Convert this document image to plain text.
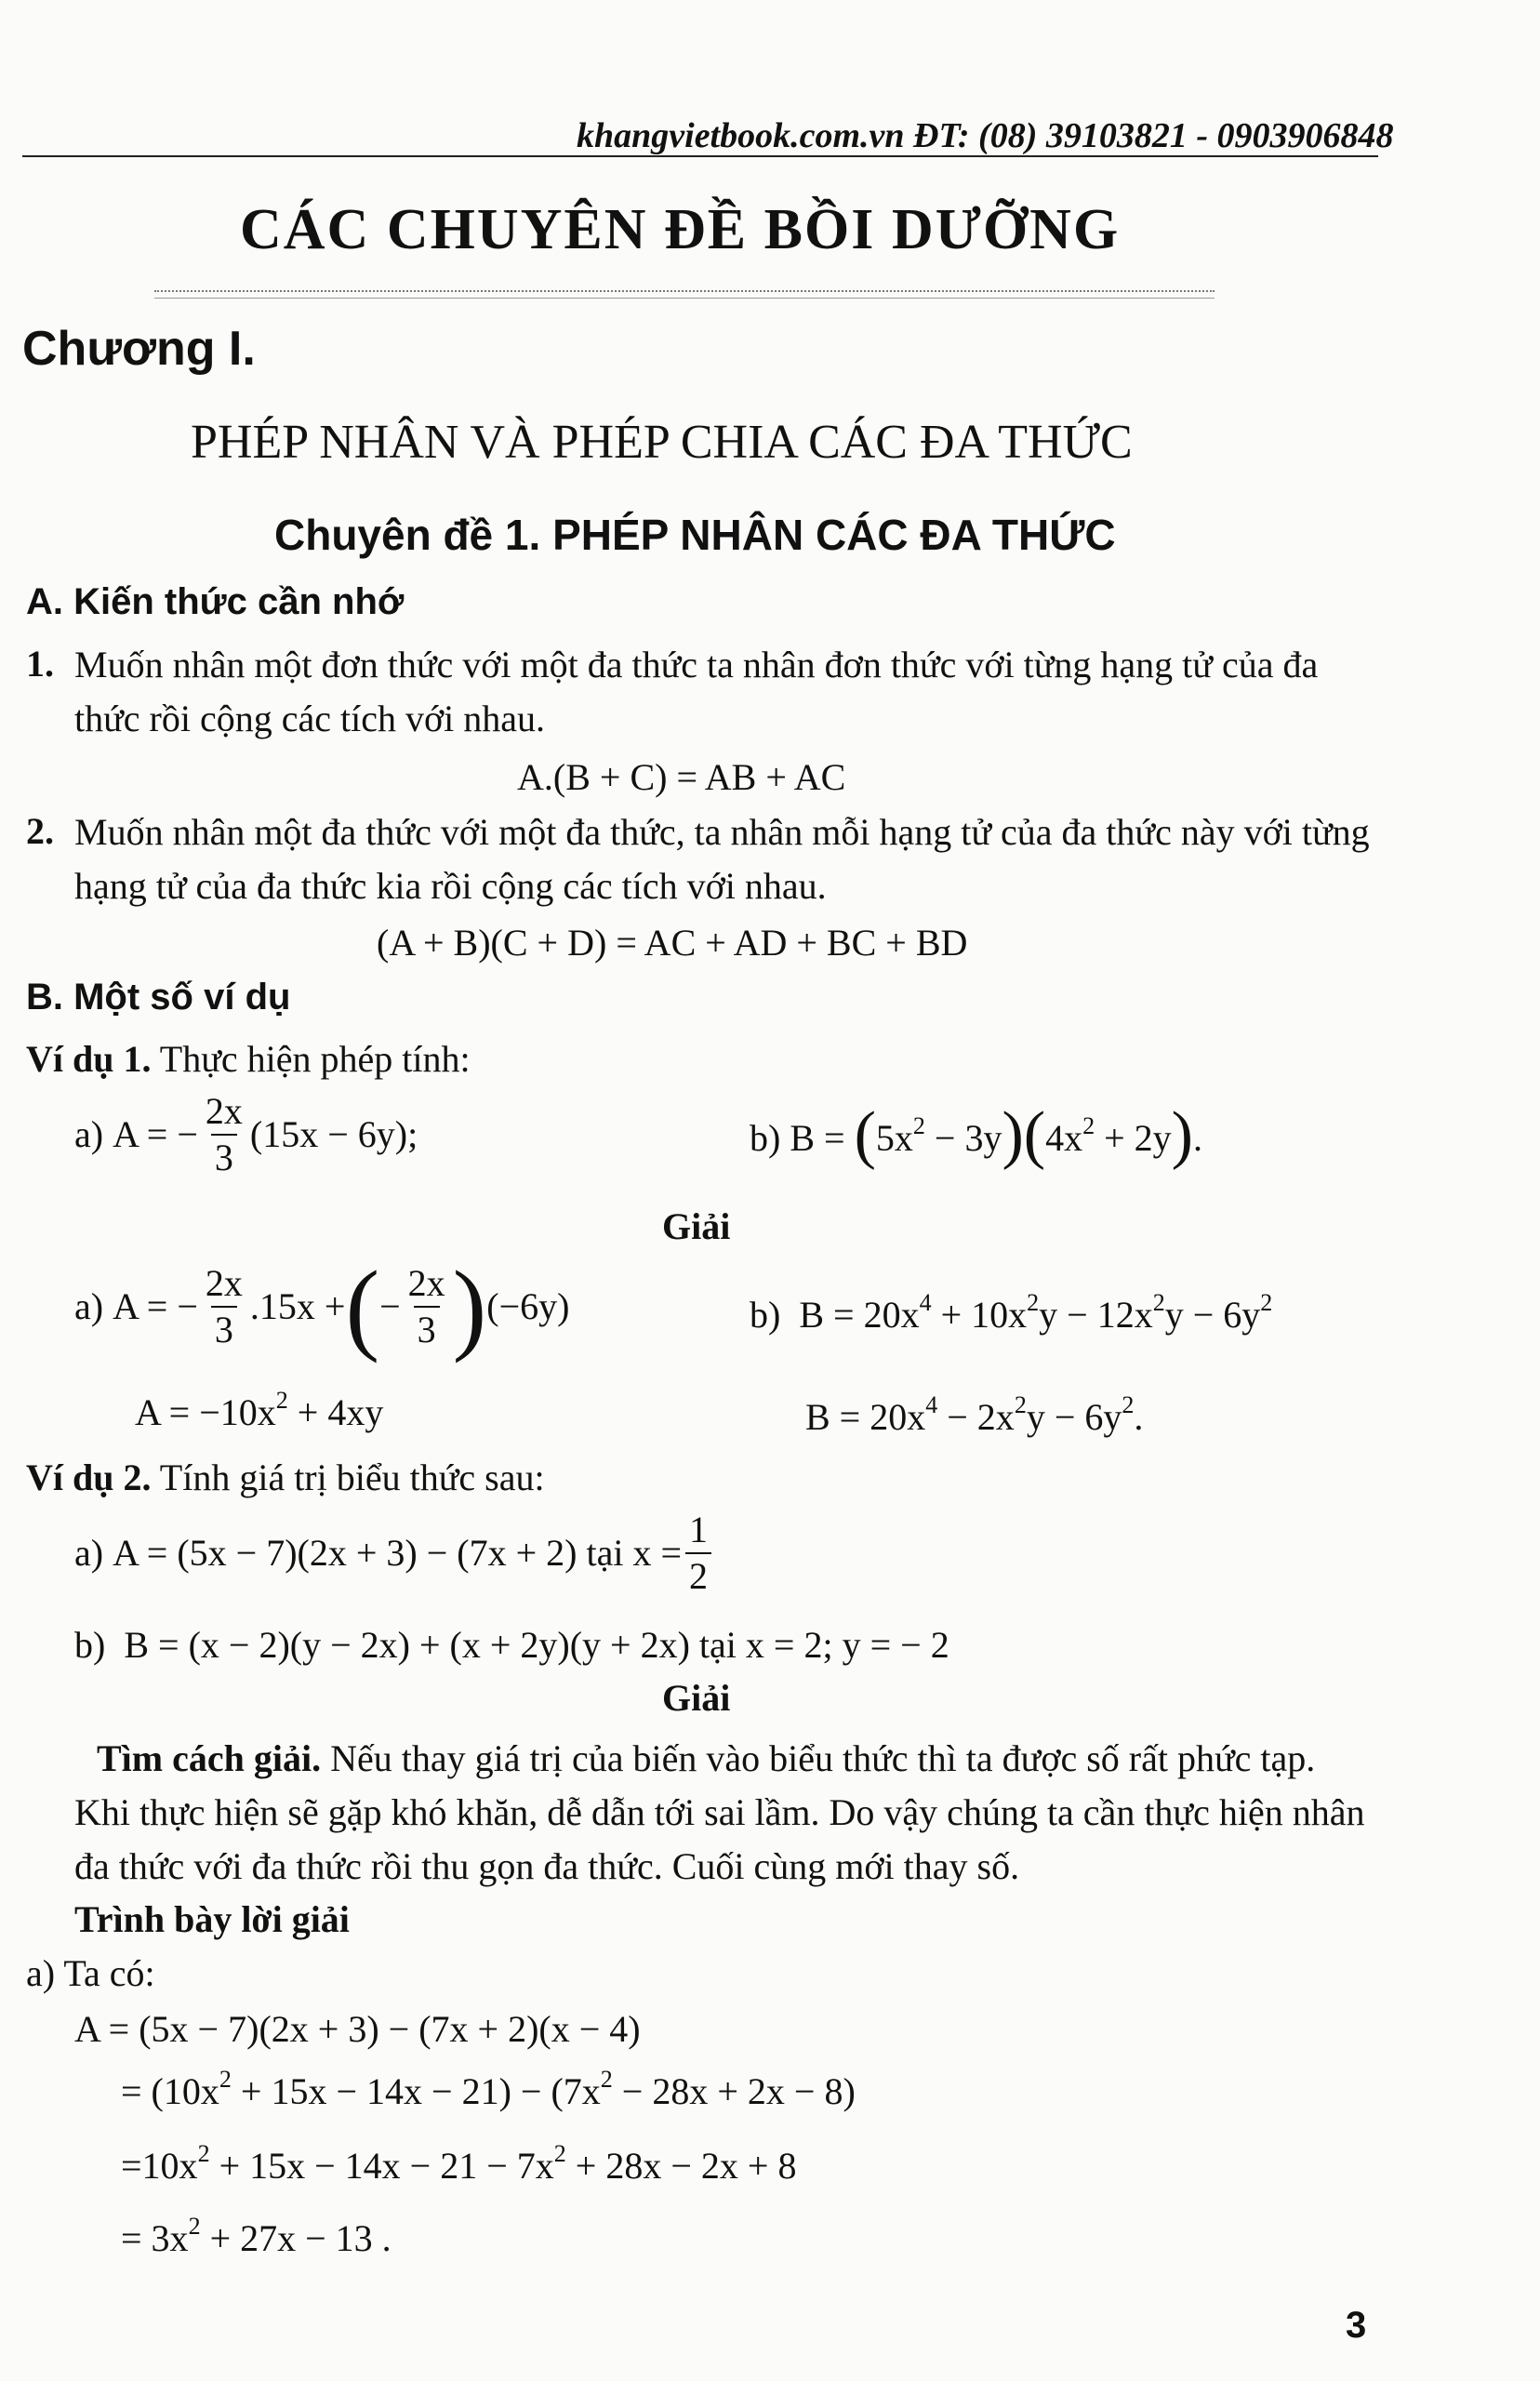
khangvietbook.com.vn ĐT: (08) 39103821 - 0903906848
CÁC CHUYÊN ĐỀ BỒI DƯỠNG
Chương I.
PHÉP NHÂN VÀ PHÉP CHIA CÁC ĐA THỨC
Chuyên đề 1. PHÉP NHÂN CÁC ĐA THỨC
A. Kiến thức cần nhớ
1. Muốn nhân một đơn thức với một đa thức ta nhân đơn thức với từng hạng tử của đa thức rồi cộng các tích với nhau.
A.(B + C) = AB + AC
2. Muốn nhân một đa thức với một đa thức, ta nhân mỗi hạng tử của đa thức này với từng hạng tử của đa thức kia rồi cộng các tích với nhau.
(A + B)(C + D) = AC + AD + BC + BD
B. Một số ví dụ
Ví dụ 1. Thực hiện phép tính:
a)
A = − $\frac{2x}{3} (15x - 6y)$;	b) $B = (5x^2 - 3y)(4x^2 + 2y)$.
Giải
a)
A = − $\frac{2x}{3} .15x$ + ( − $\frac{2x}{3}$ ) (−6y)
$A = -10x^2 + 4xy$
b) $B = 20x^4 + 10x^2y - 12x^2y - 6y^2$
$B = 20x^4 - 2x^2y - 6y^2$.
Ví dụ 2. Tính giá trị biểu thức sau:
a)
A = (5x − 7)(2x + 3) − (7x + 2) tại $x = \frac{1}{2}$
b) B = (x − 2)(y − 2x) + (x + 2y)(y + 2x) tại x = 2; y = − 2
Giải
Tìm cách giải. Nếu thay giá trị của biến vào biểu thức thì ta được số rất phức tạp. Khi thực hiện sẽ gặp khó khăn, dễ dẫn tới sai lầm. Do vậy chúng ta cần thực hiện nhân đa thức với đa thức rồi thu gọn đa thức. Cuối cùng mới thay số.
Trình bày lời giải
a) Ta có:
A = (5x − 7)(2x + 3) − (7x + 2)(x − 4)
= $(10x^2 + 15x - 14x - 21) - (7x^2 - 28x + 2x - 8)$
$=10x^2 + 15x - 14x - 21 - 7x^2 + 28x - 2x + 8$
= $3x^2 + 27x - 13$ .
3
